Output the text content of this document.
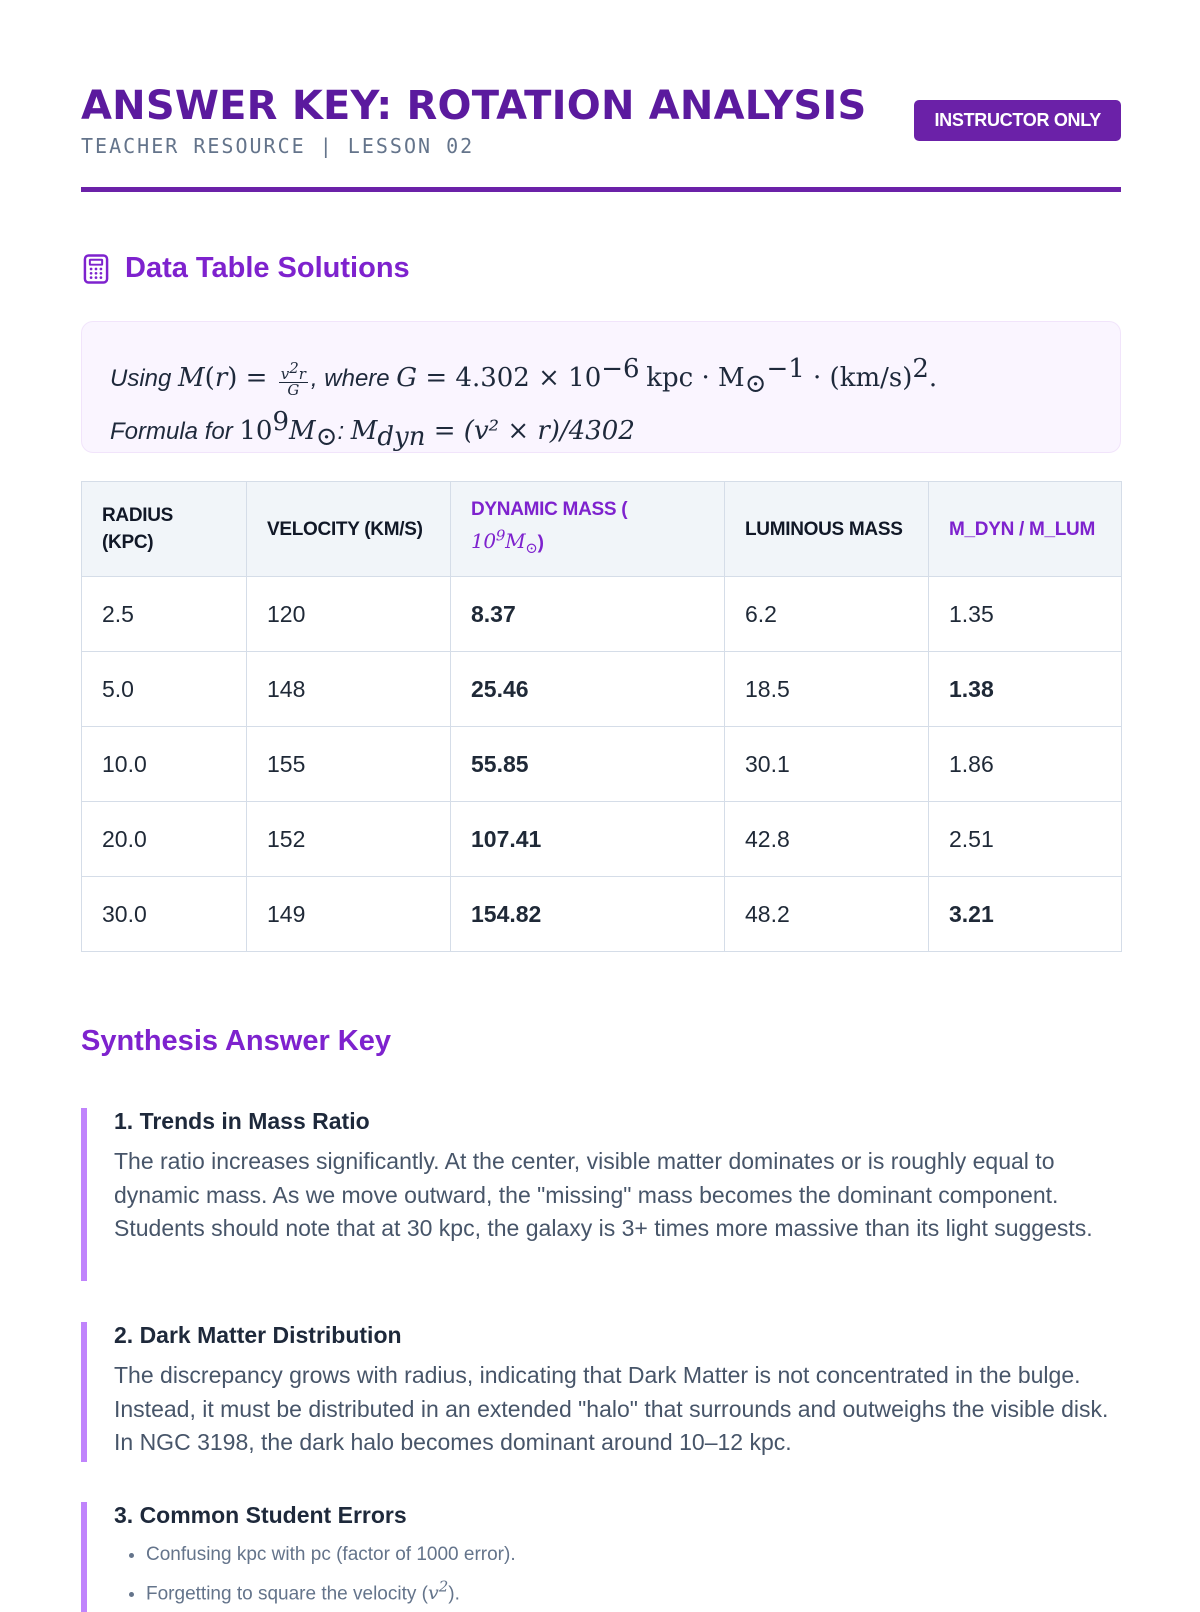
ANSWER KEY: ROTATION ANALYSIS
TEACHER RESOURCE | LESSON 02
INSTRUCTOR ONLY
Data Table Solutions
Using $M(r) = \frac{v^2r}{G}$ , where $G = 4.302 \times 10^{-6}$ kpc · $M_⊙^{-1} \cdot (km/s)^2$.
Formula for $10^9M_⊙$: $M_{dyn} = (v^2 \times r)/4302$
RADIUS (KPC)	VELOCITY (KM/S)	DYNAMIC MASS (
$10^9M_⊙$)	LUMINOUS MASS	M_DYN / M_LUM
2.5	120	8.37	6.2	1.35
5.0	148	25.46	18.5	1.38
10.0	155	55.85	30.1	1.86
20.0	152	107.41	42.8	2.51
30.0	149	154.82	48.2	3.21
Synthesis Answer Key
1. Trends in Mass Ratio

The ratio increases significantly. At the center, visible matter dominates or is roughly equal to dynamic mass. As we move outward, the "missing" mass becomes the dominant component. Students should note that at 30 kpc, the galaxy is 3+ times more massive than its light suggests.

2. Dark Matter Distribution

The discrepancy grows with radius, indicating that Dark Matter is not concentrated in the bulge. Instead, it must be distributed in an extended "halo" that surrounds and outweighs the visible disk. In NGC 3198, the dark halo becomes dominant around 10–12 kpc.

3. Common Student Errors
• Confusing kpc with pc (factor of 1000 error).
• Forgetting to square the velocity $(v^2)$.
